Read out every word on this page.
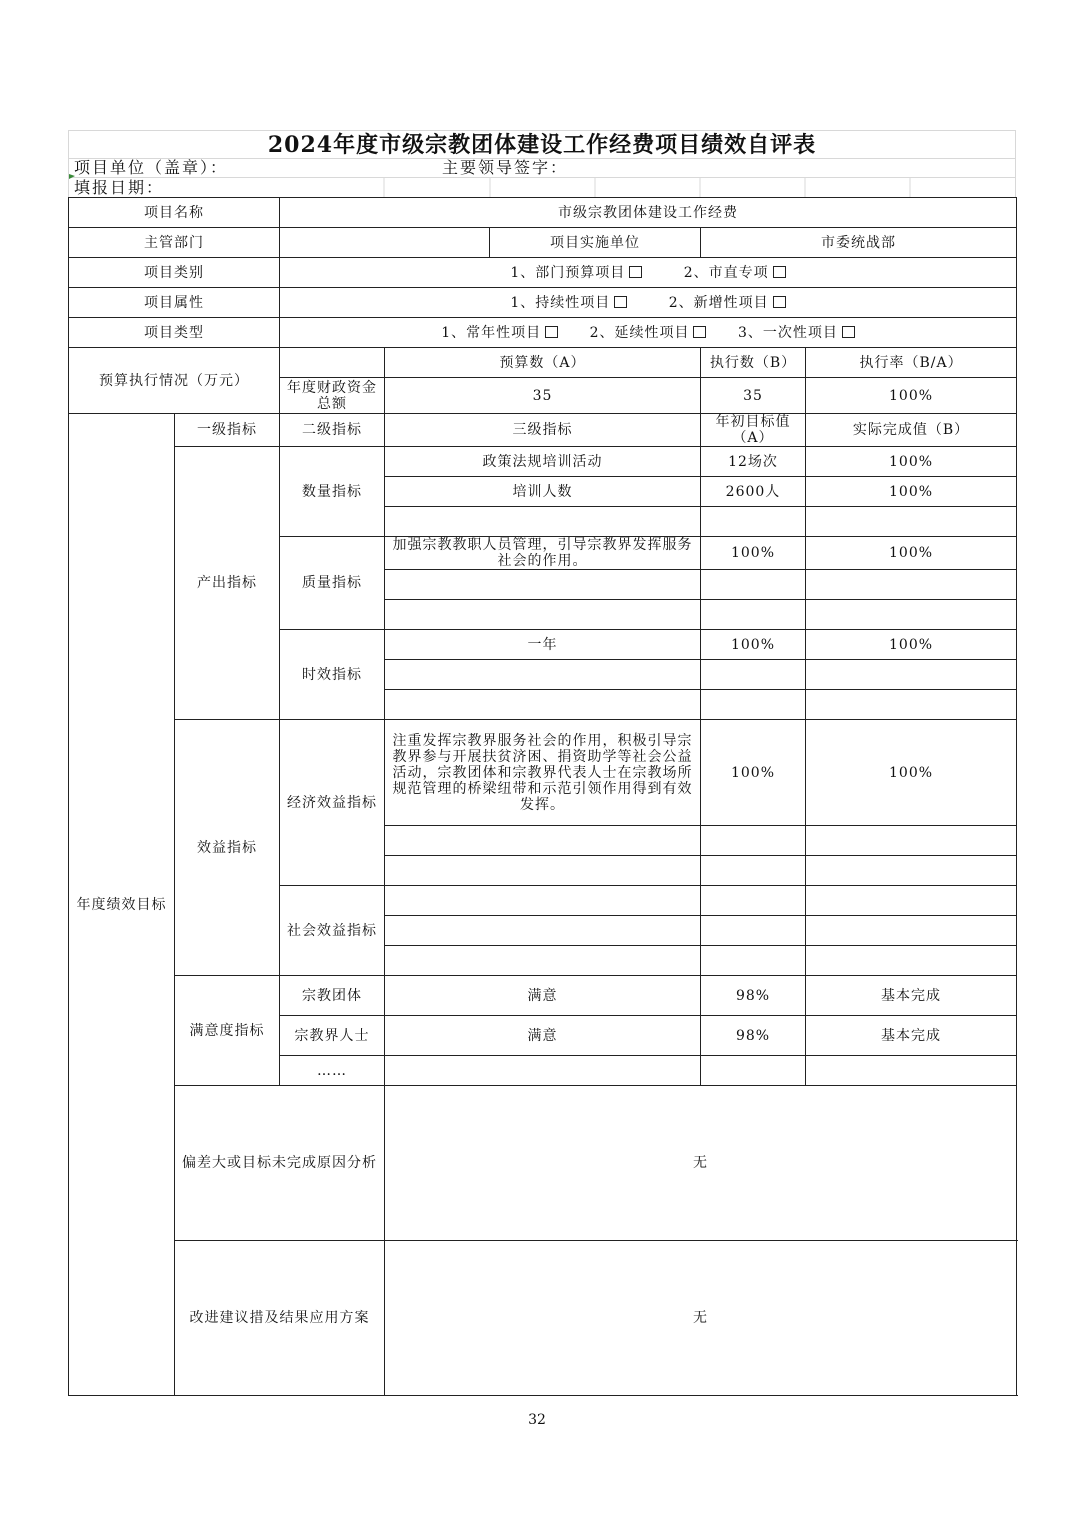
2024年度市级宗教团体建设工作经费项目绩效自评表
项目单位（盖章）：	主要领导签字：
填报日期：
项目名称		市级宗教团体建设工作经费				
主管部门				项目实施单位	市委统战部	
项目类别		1、部门预算项目 2、市直专项				
项目属性		1、持续性项目 2、新增性项目				
项目类型		1、常年性项目 2、延续性项目 3、一次性项目				
预算执行情况（万元）			预算数（A）		执行数（B）	执行率（B/A）
		年度财政资金总额	35		35	100%
年度绩效目标	一级指标	二级指标	三级指标		年初目标值（A）	实际完成值（B）
	产出指标	数量指标	政策法规培训活动		12场次	100%
			培训人数		2600人	100%

		质量指标	加强宗教教职人员管理，引导宗教界发挥服务社会的作用。		100%	100%

		时效指标	一年		100%	100%

	效益指标	经济效益指标	注重发挥宗教界服务社会的作用，积极引导宗教界参与开展扶贫济困、捐资助学等社会公益活动，宗教团体和宗教界代表人士在宗教场所规范管理的桥梁纽带和示范引领作用得到有效发挥。		100%	100%

		社会效益指标				

	满意度指标	宗教团体	满意		98%	基本完成
		宗教界人士	满意		98%	基本完成
		……				
	偏差大或目标未完成原因分析		无			
	改进建议措及结果应用方案		无			
32
